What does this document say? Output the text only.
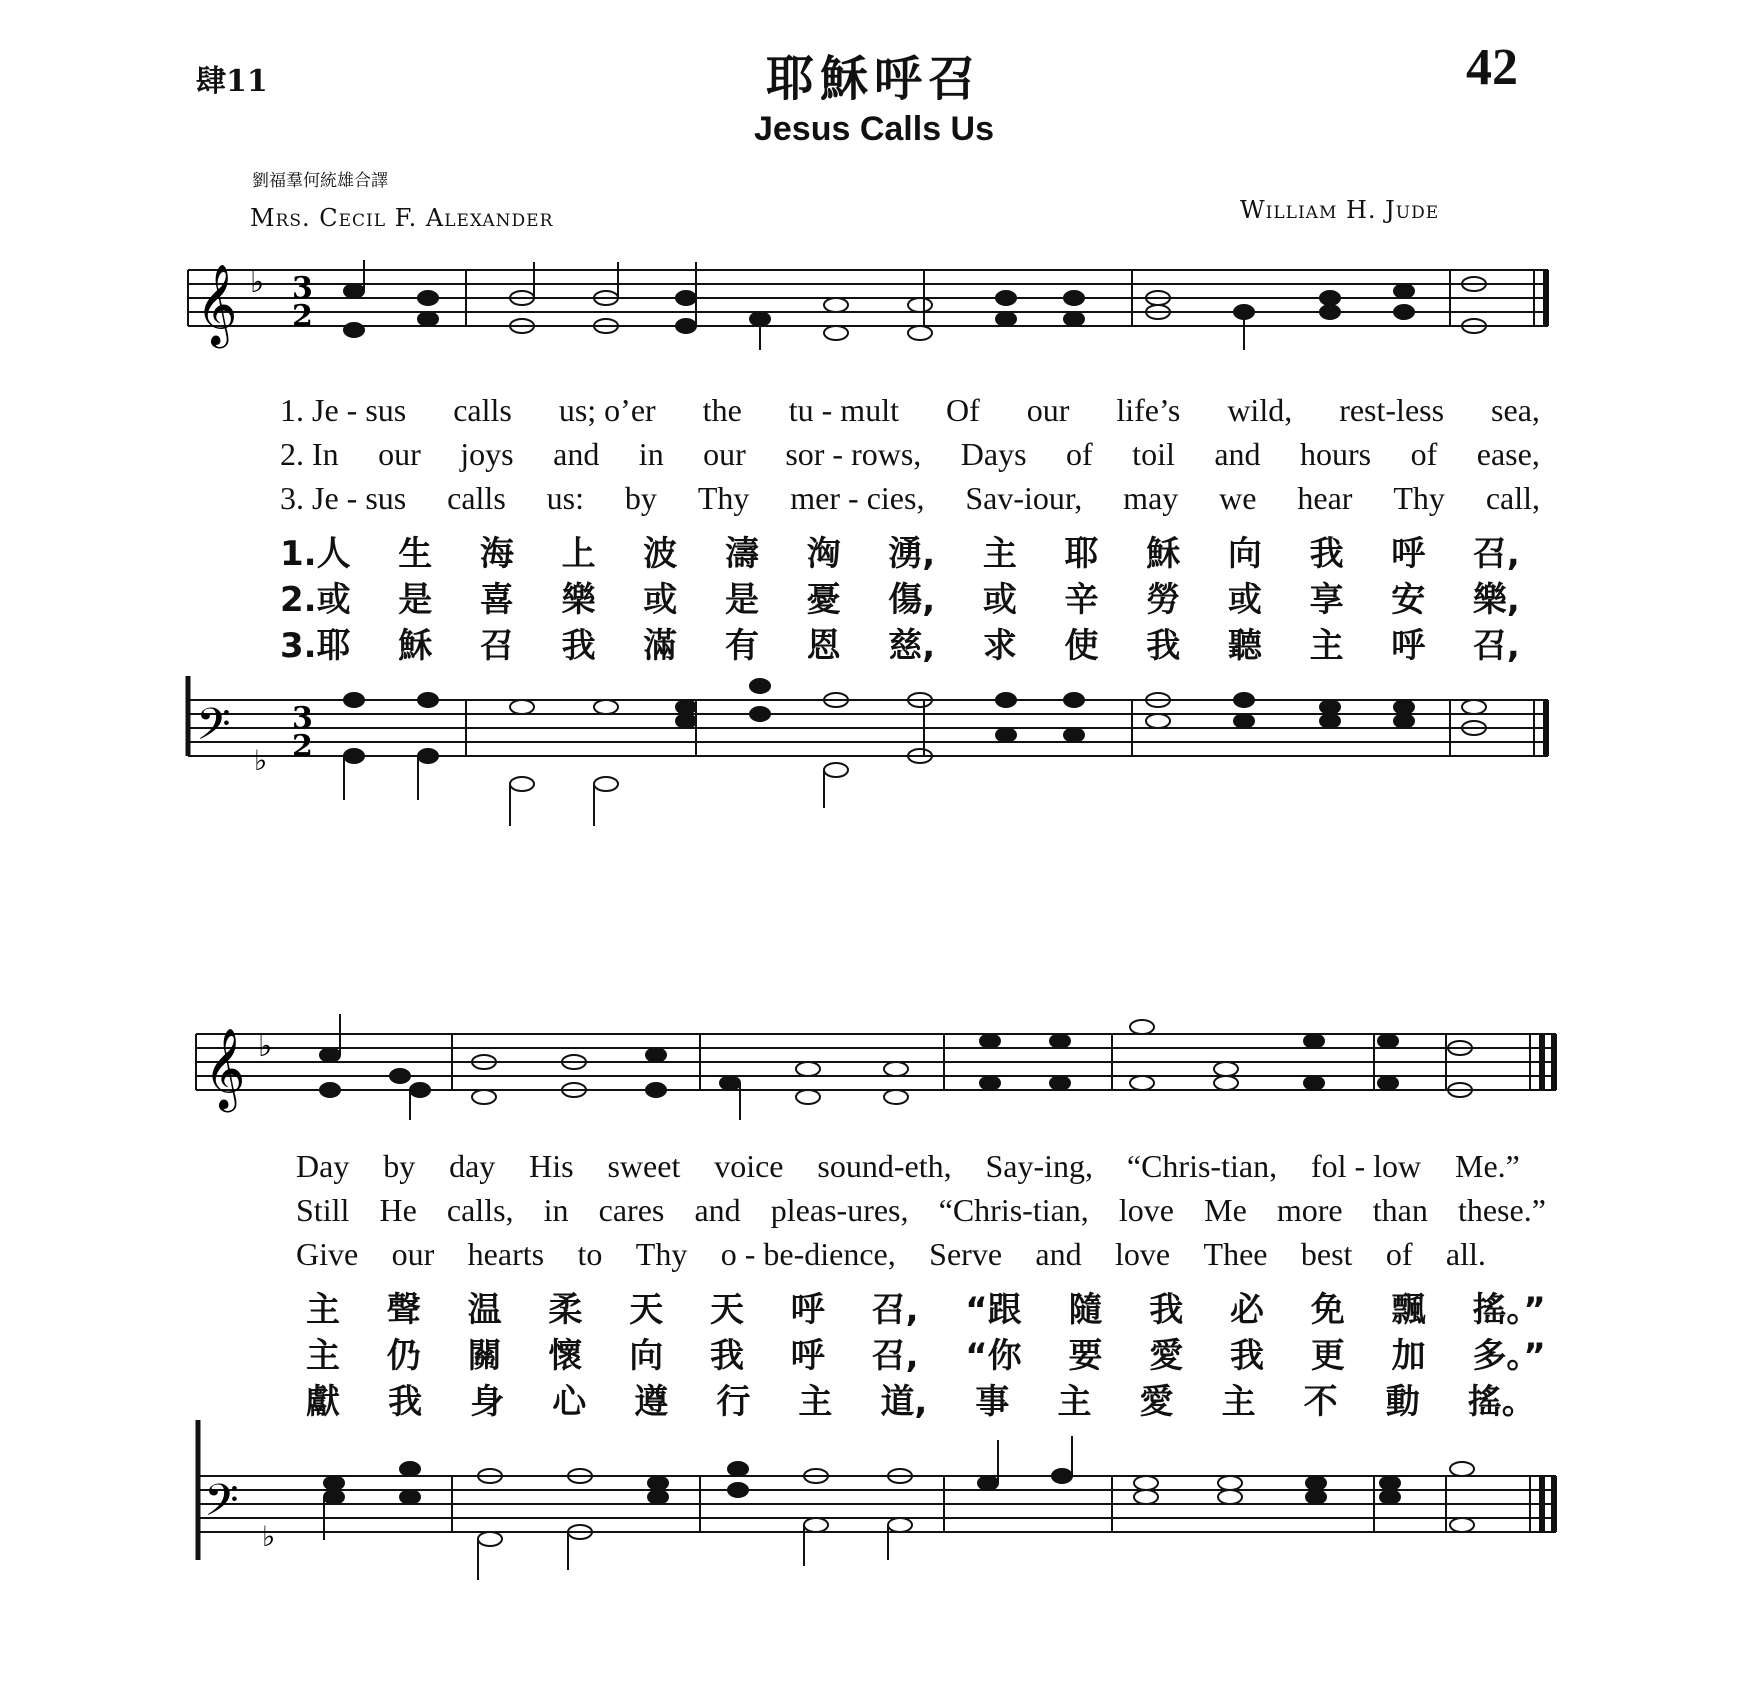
肆11	耶穌呼召	42
Jesus Calls Us
劉福羣何統雄合譯
Mrs. Cecil F. Alexander	William H. Jude
𝄞 ♭ 3
2
1. Je - sus calls us; o’er the tu - mult Of our life’s wild, rest-less sea,
2. In our joys and in our sor - rows, Days of toil and hours of ease,
3. Je - sus calls us: by Thy mer - cies, Sav-iour, may we hear Thy call,
1.人 生 海 上 波 濤 洶 湧, 主 耶 穌 向 我 呼 召,
2.或 是 喜 樂 或 是 憂 傷, 或 辛 勞 或 享 安 樂,
3.耶 穌 召 我 滿 有 恩 慈, 求 使 我 聽 主 呼 召,
𝄢 ♭
3
2
𝄞 ♭
Day by day His sweet voice sound-eth, Say-ing, “Chris-tian, fol - low Me.”
Still He calls, in cares and pleas-ures, “Chris-tian, love Me more than these.”
Give our hearts to Thy o - be-dience, Serve and love Thee best of all.
主 聲 温 柔 天 天 呼 召, “跟 隨 我 必 免 飄 搖。”
主 仍 關 懷 向 我 呼 召, “你 要 愛 我 更 加 多。”
獻 我 身 心 遵 行 主 道, 事 主 愛 主 不 動 搖。
𝄢 ♭
